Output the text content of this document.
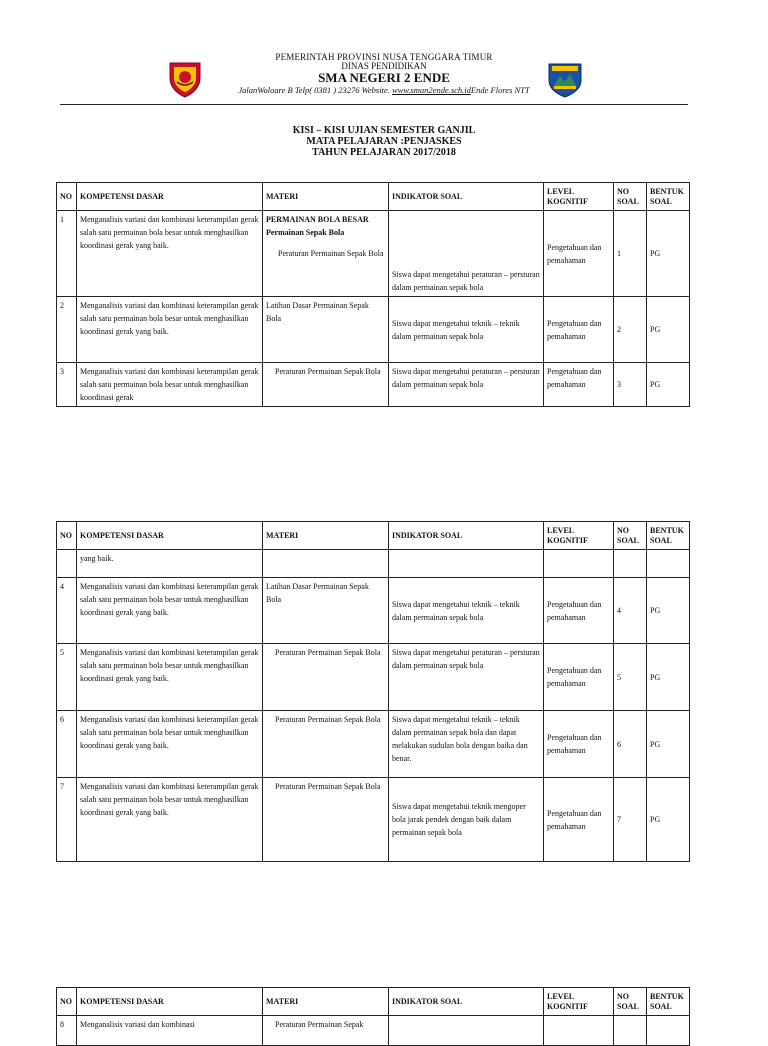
PEMERINTAH PROVINSI NUSA TENGGARA TIMUR
DINAS PENDIDIKAN
SMA NEGERI 2 ENDE
JalanWoloare B Telp( 0381 ) 23276 Website. www.sman2ende.sch.idEnde Flores NTT
KISI – KISI UJIAN SEMESTER GANJIL
MATA PELAJARAN :PENJASKES
TAHUN PELAJARAN 2017/2018
NO	KOMPETENSI DASAR	MATERI	INDIKATOR SOAL	LEVEL KOGNITIF	NO SOAL	BENTUK SOAL
1	Menganalisis variasi dan kombinasi keterampilan gerak salah satu permainan bola besar untuk menghasilkan koordinasi gerak yang baik.	PERMAINAN BOLA BESAR
Permainan Sepak Bola
Peraturan Permainan Sepak Bola	Siswa dapat mengetahui peraturan – persturan dalam permainan sepak bola	Pengetahuan dan pemahaman	1	PG
2	Menganalisis variasi dan kombinasi keterampilan gerak salah satu permainan bola besar untuk menghasilkan koordinasi gerak yang baik.	Latihan Dasar Permainan Sepak Bola	Siswa dapat mengetahui teknik – teknik dalam permainan sepak bola	Pengetahuan dan pemahaman	2	PG
3	Menganalisis variasi dan kombinasi keterampilan gerak salah satu permainan bola besar untuk menghasilkan koordinasi gerak	Peraturan Permainan Sepak Bola	Siswa dapat mengetahui peraturan – persturan dalam permainan sepak bola	Pengetahuan dan pemahaman	3	PG
NO	KOMPETENSI DASAR	MATERI	INDIKATOR SOAL	LEVEL KOGNITIF	NO SOAL	BENTUK SOAL
	yang baik.					
4	Menganalisis variasi dan kombinasi keterampilan gerak salah satu permainan bola besar untuk menghasilkan koordinasi gerak yang baik.	Latihan Dasar Permainan Sepak Bola	Siswa dapat mengetahui teknik – teknik dalam permainan sepak bola	Pengetahuan dan pemahaman	4	PG
5	Menganalisis variasi dan kombinasi keterampilan gerak salah satu permainan bola besar untuk menghasilkan koordinasi gerak yang baik.	Peraturan Permainan Sepak Bola	Siswa dapat mengetahui peraturan – persturan dalam permainan sepak bola	Pengetahuan dan pemahaman	5	PG
6	Menganalisis variasi dan kombinasi keterampilan gerak salah satu permainan bola besar untuk menghasilkan koordinasi gerak yang baik.	Peraturan Permainan Sepak Bola	Siswa dapat mengetahui teknik – teknik dalam permainan sepak bola dan dapat melakukan sudulan bola dengan baika dan benar.	Pengetahuan dan pemahaman	6	PG
7	Menganalisis variasi dan kombinasi keterampilan gerak salah satu permainan bola besar untuk menghasilkan koordinasi gerak yang baik.	Peraturan Permainan Sepak Bola	Siswa dapat mengetahui teknik mengoper bola jarak pendek dengan baik dalam permainan sepak bola	Pengetahuan dan pemahaman	7	PG
NO	KOMPETENSI DASAR	MATERI	INDIKATOR SOAL	LEVEL KOGNITIF	NO SOAL	BENTUK SOAL
8	Menganalisis variasi dan kombinasi	Peraturan Permainan Sepak				
